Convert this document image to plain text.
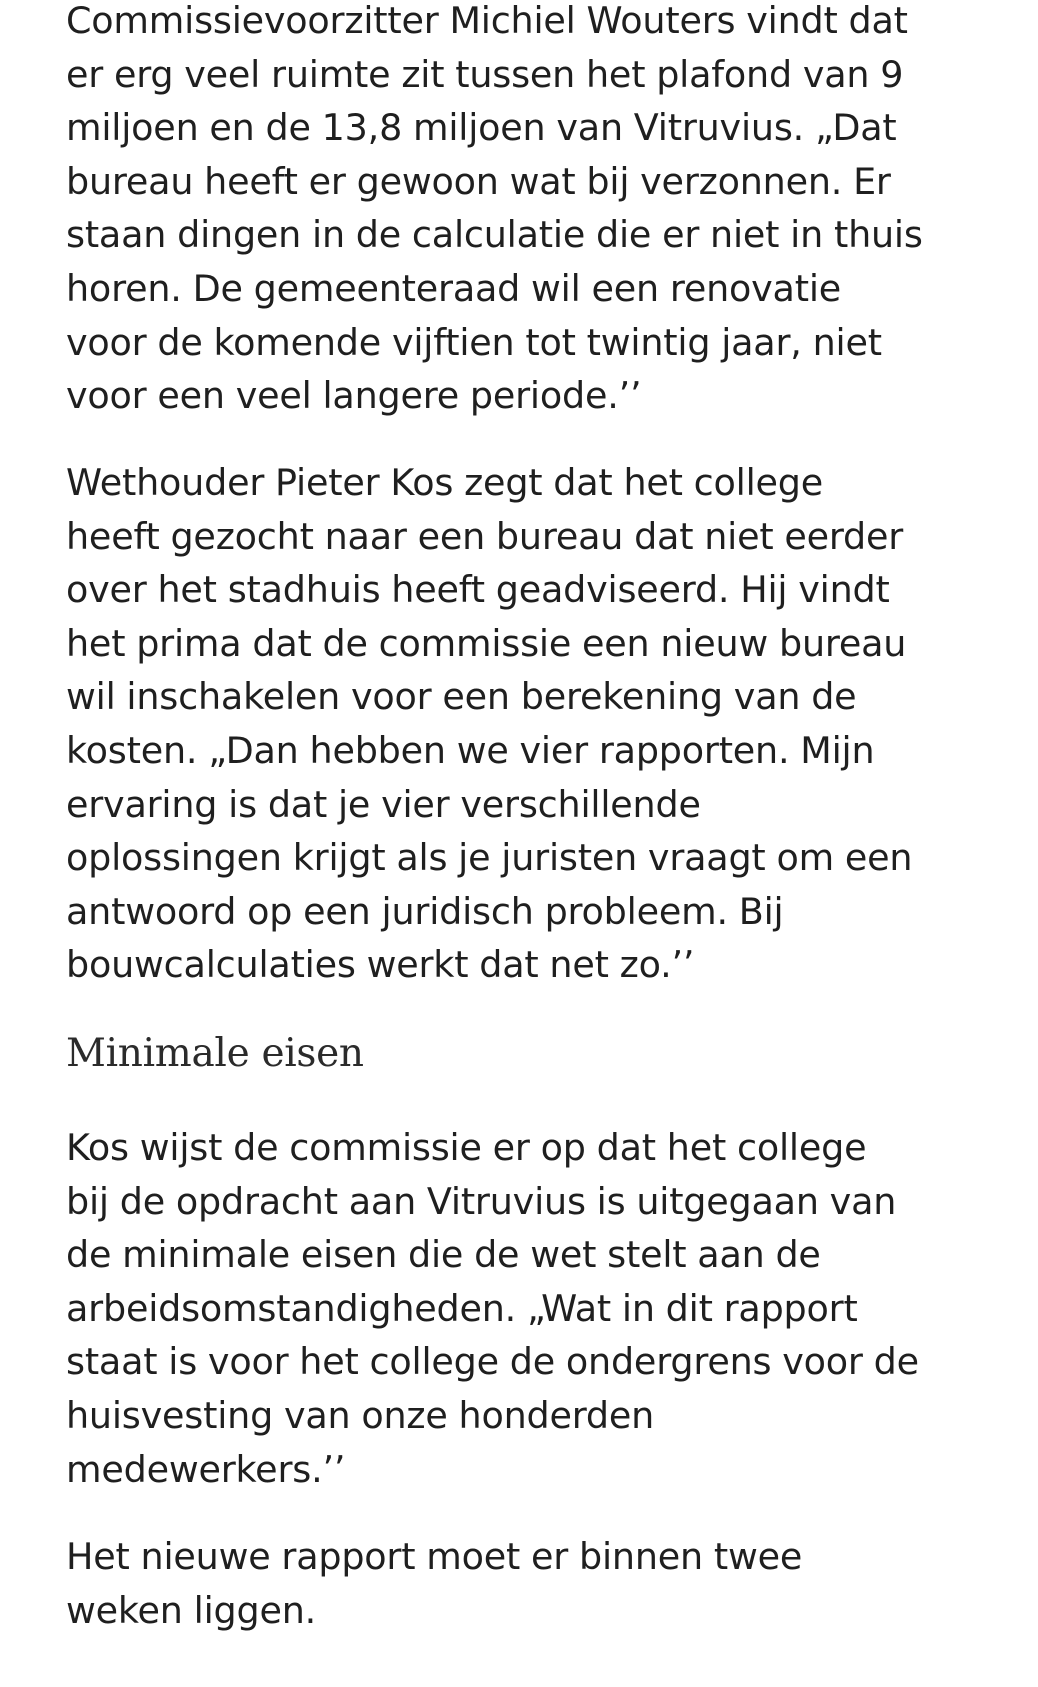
Commissievoorzitter Michiel Wouters vindt dat
er erg veel ruimte zit tussen het plafond van 9
miljoen en de 13,8 miljoen van Vitruvius. „Dat
bureau heeft er gewoon wat bij verzonnen. Er
staan dingen in de calculatie die er niet in thuis
horen. De gemeenteraad wil een renovatie
voor de komende vijftien tot twintig jaar, niet
voor een veel langere periode.’’

Wethouder Pieter Kos zegt dat het college
heeft gezocht naar een bureau dat niet eerder
over het stadhuis heeft geadviseerd. Hij vindt
het prima dat de commissie een nieuw bureau
wil inschakelen voor een berekening van de
kosten. „Dan hebben we vier rapporten. Mijn
ervaring is dat je vier verschillende
oplossingen krijgt als je juristen vraagt om een
antwoord op een juridisch probleem. Bij
bouwcalculaties werkt dat net zo.’’

Minimale eisen

Kos wijst de commissie er op dat het college
bij de opdracht aan Vitruvius is uitgegaan van
de minimale eisen die de wet stelt aan de
arbeidsomstandigheden. „Wat in dit rapport
staat is voor het college de ondergrens voor de
huisvesting van onze honderden
medewerkers.’’

Het nieuwe rapport moet er binnen twee
weken liggen.
